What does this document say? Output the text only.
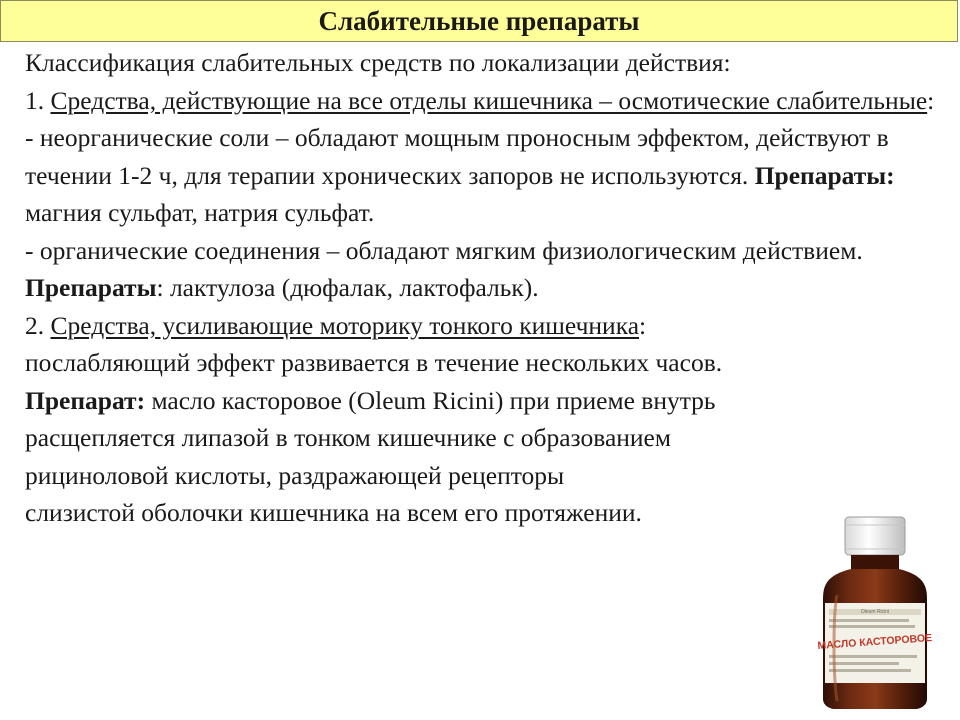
Слабительные препараты

Классификация слабительных средств по локализации действия:

1. Средства, действующие на все отделы кишечника – осмотические слабительные:

- неорганические соли – обладают мощным проносным эффектом, действуют в течении 1-2 ч, для терапии хронических запоров не используются. Препараты: магния сульфат, натрия сульфат.

- органические соединения – обладают мягким физиологическим действием. Препараты: лактулоза (дюфалак, лактофальк).

2. Средства, усиливающие моторику тонкого кишечника:

послабляющий эффект развивается в течение нескольких часов.

Препарат: масло касторовое (Oleum Ricini) при приеме внутрь

расщепляется липазой в тонком кишечнике с образованием

рициноловой кислоты, раздражающей рецепторы

слизистой оболочки кишечника на всем его протяжении.

МАСЛО КАСТОРОВОЕ
Oleum Ricini
